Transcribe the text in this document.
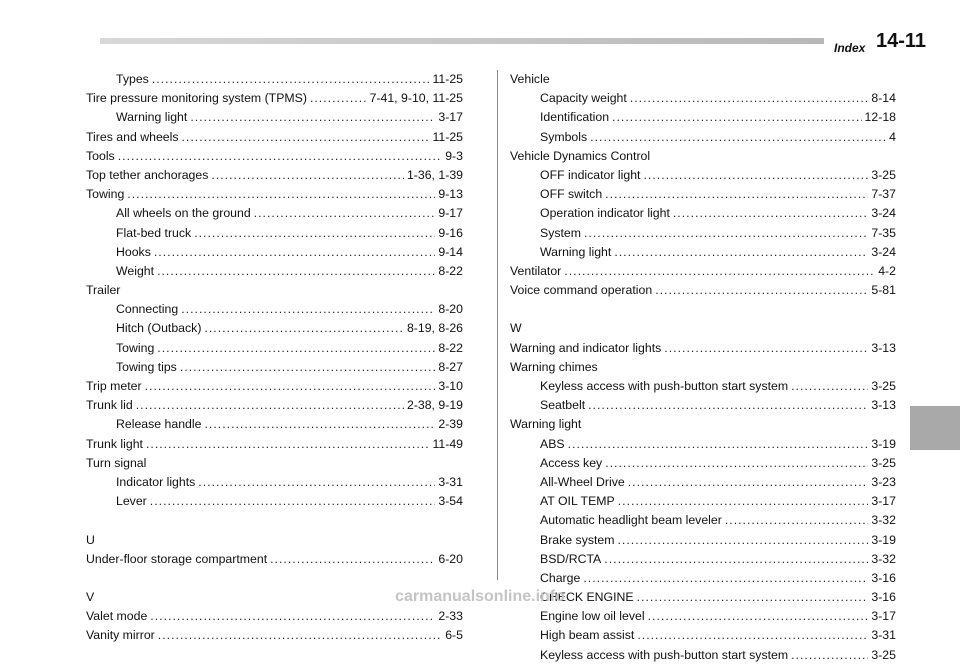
Index 14-11
Types . . .	11-25
Tire pressure monitoring system (TPMS) . . .	7-41, 9-10, 11-25
Warning light . . .	3-17
Tires and wheels . . .	11-25
Tools . . .	9-3
Top tether anchorages . . .	1-36, 1-39
Towing . . .	9-13
All wheels on the ground . . .	9-17
Flat-bed truck . . .	9-16
Hooks . . .	9-14
Weight . . .	8-22
Trailer
Connecting . . .	8-20
Hitch (Outback) . . .	8-19, 8-26
Towing . . .	8-22
Towing tips . . .	8-27
Trip meter . . .	3-10
Trunk lid . . .	2-38, 9-19
Release handle . . .	2-39
Trunk light . . .	11-49
Turn signal
Indicator lights . . .	3-31
Lever . . .	3-54
U
Under-floor storage compartment . . .	6-20
V
Valet mode . . .	2-33
Vanity mirror . . .	6-5
Vehicle
Capacity weight . . .	8-14
Identification . . .	12-18
Symbols . . .	4
Vehicle Dynamics Control
OFF indicator light . . .	3-25
OFF switch . . .	7-37
Operation indicator light . . .	3-24
System . . .	7-35
Warning light . . .	3-24
Ventilator . . .	4-2
Voice command operation . . .	5-81
W
Warning and indicator lights . . .	3-13
Warning chimes
Keyless access with push-button start system . . .	3-25
Seatbelt . . .	3-13
Warning light
ABS . . .	3-19
Access key . . .	3-25
All-Wheel Drive . . .	3-23
AT OIL TEMP . . .	3-17
Automatic headlight beam leveler . . .	3-32
Brake system . . .	3-19
BSD/RCTA . . .	3-32
Charge . . .	3-16
CHECK ENGINE . . .	3-16
Engine low oil level . . .	3-17
High beam assist . . .	3-31
Keyless access with push-button start system . . .	3-25
carmanualsonline.info
